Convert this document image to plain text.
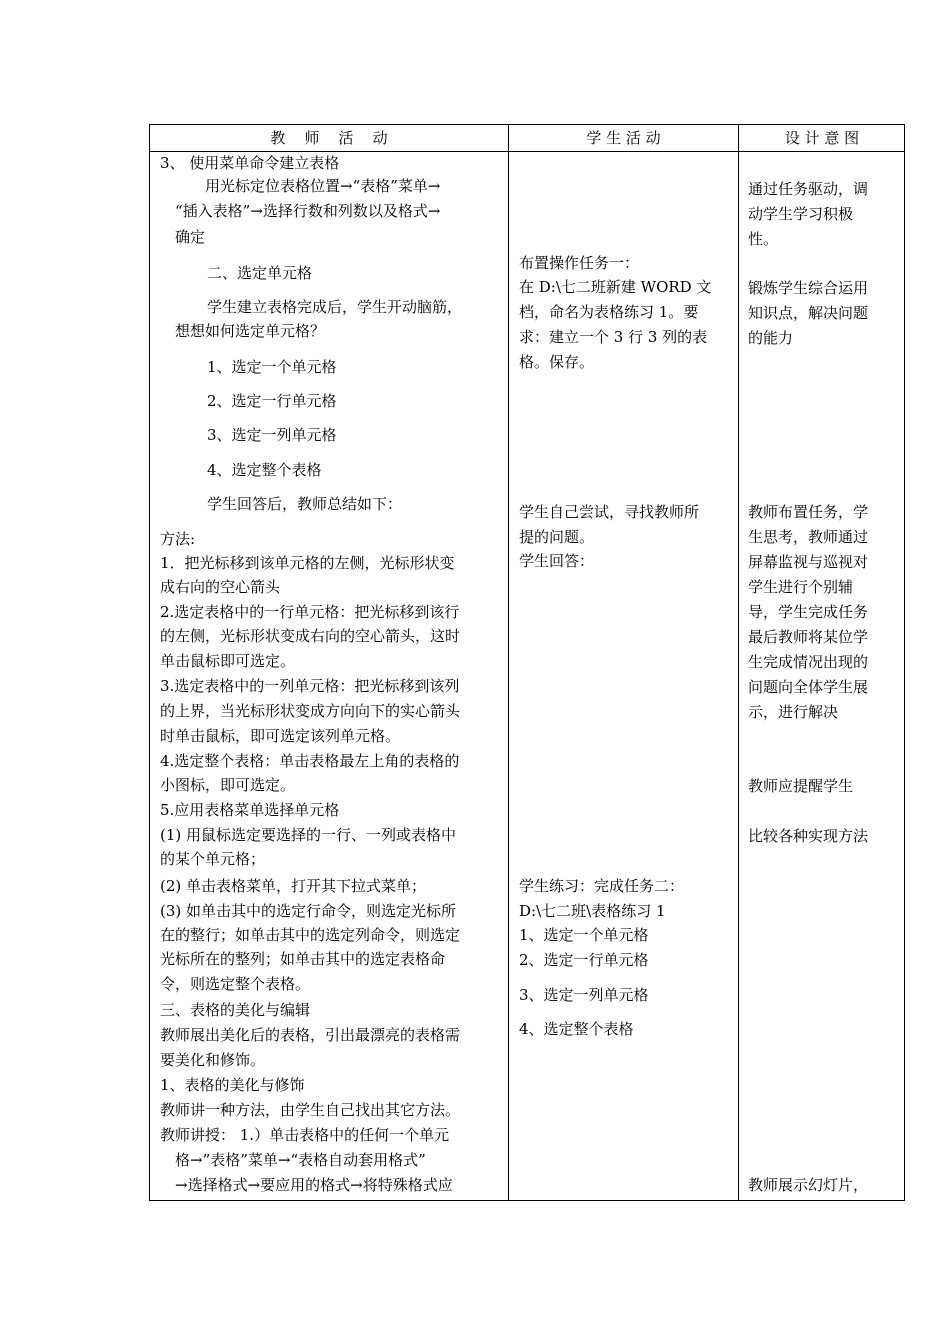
教    师    活    动	学 生 活 动	设 计 意 图
3、 使用菜单命令建立表格
用光标定位表格位置→“表格”菜单→
“插入表格”→选择行数和列数以及格式→
确定
二、选定单元格
学生建立表格完成后，学生开动脑筋，
想想如何选定单元格？
1、选定一个单元格
2、选定一行单元格
3、选定一列单元格
4、选定整个表格
学生回答后，教师总结如下：
方法:
1．把光标移到该单元格的左侧，光标形状变
成右向的空心箭头
2.选定表格中的一行单元格：把光标移到该行
的左侧，光标形状变成右向的空心箭头，这时
单击鼠标即可选定。
3.选定表格中的一列单元格：把光标移到该列
的上界，当光标形状变成方向向下的实心箭头
时单击鼠标，即可选定该列单元格。
4.选定整个表格：单击表格最左上角的表格的
小图标，即可选定。
5.应用表格菜单选择单元格
(1) 用鼠标选定要选择的一行、一列或表格中
的某个单元格；
(2) 单击表格菜单，打开其下拉式菜单；
(3) 如单击其中的选定行命令，则选定光标所
在的整行；如单击其中的选定列命令，则选定
光标所在的整列；如单击其中的选定表格命
令，则选定整个表格。
三、表格的美化与编辑
教师展出美化后的表格，引出最漂亮的表格需
要美化和修饰。
1、表格的美化与修饰
教师讲一种方法，由学生自己找出其它方法。
教师讲授： 1.）单击表格中的任何一个单元
格→”表格”菜单→“表格自动套用格式”
→选择格式→要应用的格式→将特殊格式应
布置操作任务一：
在 D:\七二班新建 WORD 文
档，命名为表格练习 1。要
求：建立一个 3 行 3 列的表
格。保存。
学生自己尝试，寻找教师所
提的问题。
学生回答：
学生练习：完成任务二：
D:\七二班\表格练习 1
1、选定一个单元格
2、选定一行单元格
3、选定一列单元格
4、选定整个表格
通过任务驱动，调
动学生学习积极
性。
锻炼学生综合运用
知识点，解决问题
的能力
教师布置任务，学
生思考，教师通过
屏幕监视与巡视对
学生进行个别辅
导，学生完成任务
最后教师将某位学
生完成情况出现的
问题向全体学生展
示，进行解决
教师应提醒学生
比较各种实现方法
教师展示幻灯片，
